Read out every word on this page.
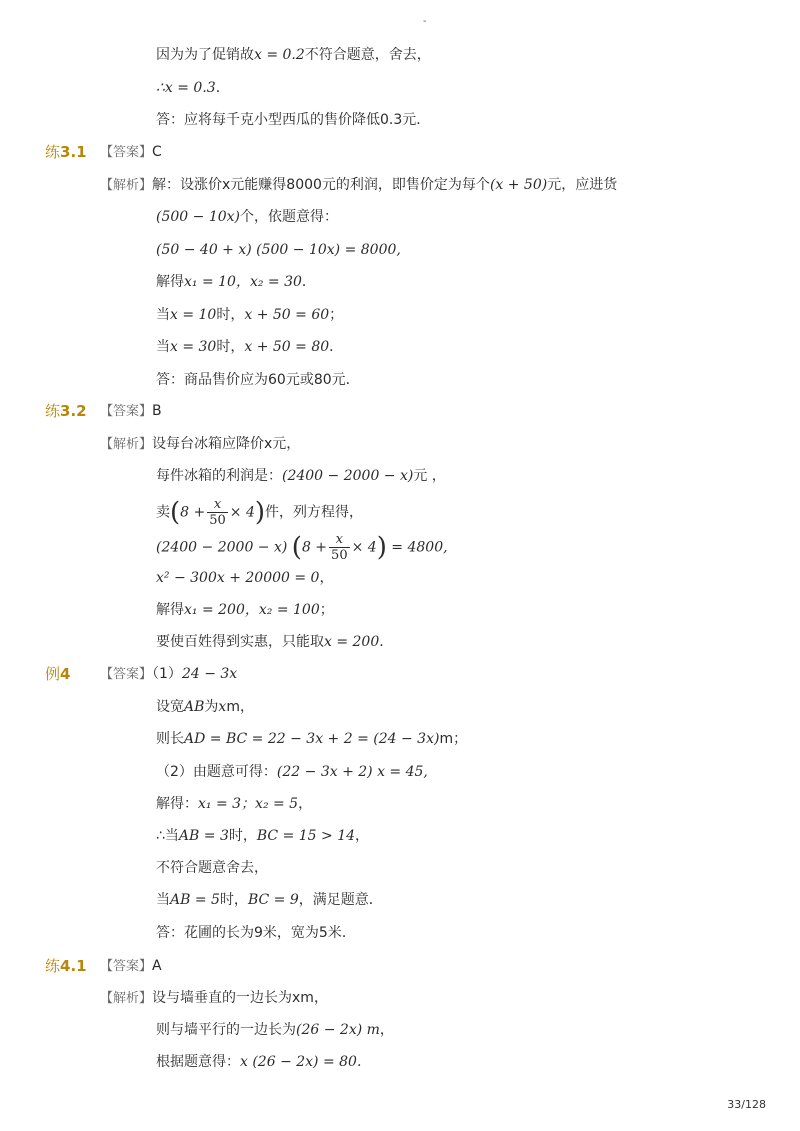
-
因为为了促销故x = 0.2不符合题意，舍去，
∴x = 0.3．
答：应将每千克小型西瓜的售价降低0.3元．
练3.1 【答案】C
【解析】解：设涨价x元能赚得8000元的利润，即售价定为每个(x + 50)元，应进货
(500 − 10x)个，依题意得：
(50 − 40 + x) (500 − 10x) = 8000,
解得x₁ = 10，x₂ = 30．
当x = 10时，x + 50 = 60；
当x = 30时，x + 50 = 80．
答：商品售价应为60元或80元．
练3.2 【答案】B
【解析】设每台冰箱应降价x元，
每件冰箱的利润是：(2400 − 2000 − x)元 ，
卖$(8 + \frac{x}{50} \times 4)$件，列方程得，
(2400 − 2000 − x) $(8 + \frac{x}{50} \times 4) = 4800$,
x² − 300x + 20000 = 0，
解得x₁ = 200，x₂ = 100；
要使百姓得到实惠，只能取x = 200.
例4 【答案】（1）24 − 3x
设宽AB为xm，
则长AD = BC = 22 − 3x + 2 = (24 − 3x)m；
（2）由题意可得：(22 − 3x + 2) x = 45,
解得：x₁ = 3；x₂ = 5，
∴当AB = 3时，BC = 15 > 14，
不符合题意舍去，
当AB = 5时，BC = 9，满足题意．
答：花圃的长为9米，宽为5米．
练4.1 【答案】A
【解析】设与墙垂直的一边长为xm，
则与墙平行的一边长为(26 − 2x) m，
根据题意得：x (26 − 2x) = 80.
33/128
